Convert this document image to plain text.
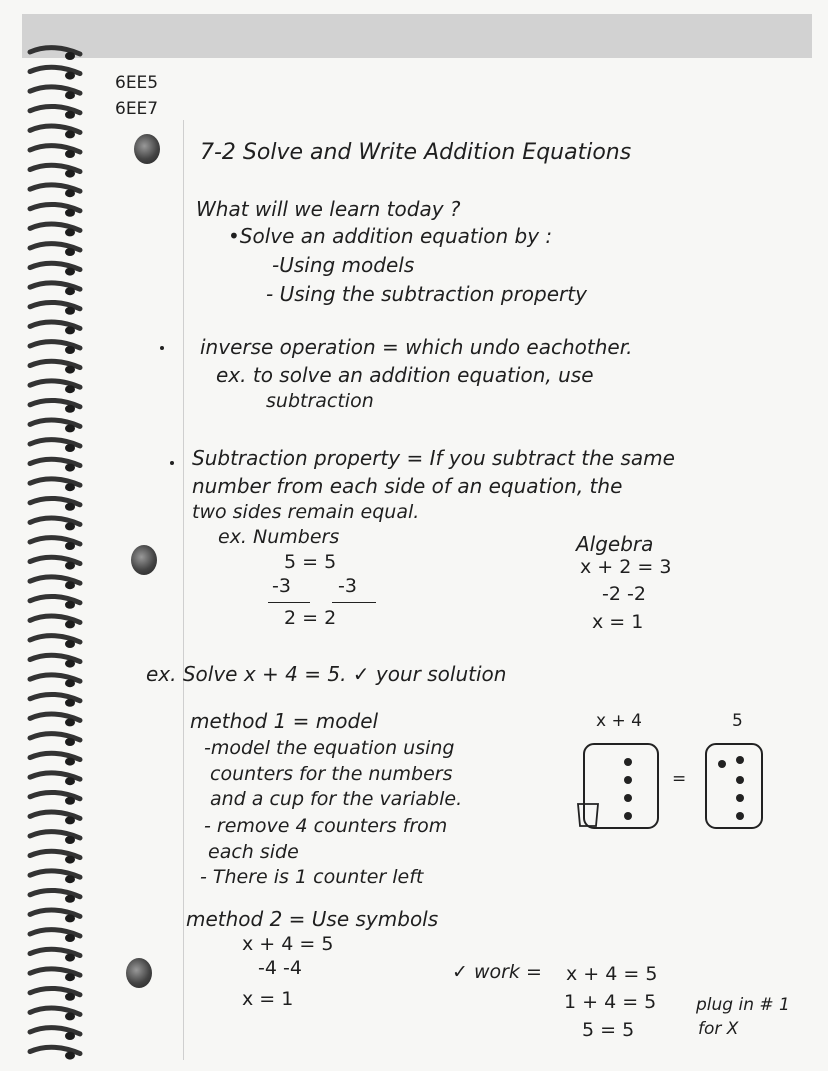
6EE5
6EE7
7-2 Solve and Write Addition Equations
What will we learn today ?
•Solve an addition equation by :
-Using models
- Using the subtraction property
inverse operation = which undo eachother.
ex. to solve an addition equation, use
subtraction
Subtraction property = If you subtract the same
number from each side of an equation, the
two sides remain equal.
ex. Numbers
5 = 5
-3 -3
2 = 2
Algebra
x + 2 = 3
-2 -2
x = 1
ex. Solve x + 4 = 5. ✓ your solution
method 1 = model
-model the equation using
counters for the numbers
and a cup for the variable.
- remove 4 counters from
each side
- There is 1 counter left
x + 4	5
=
method 2 = Use symbols
x + 4 = 5
-4 -4
x = 1
✓ work = x + 4 = 5
1 + 4 = 5
5 = 5
plug in # 1
for X
